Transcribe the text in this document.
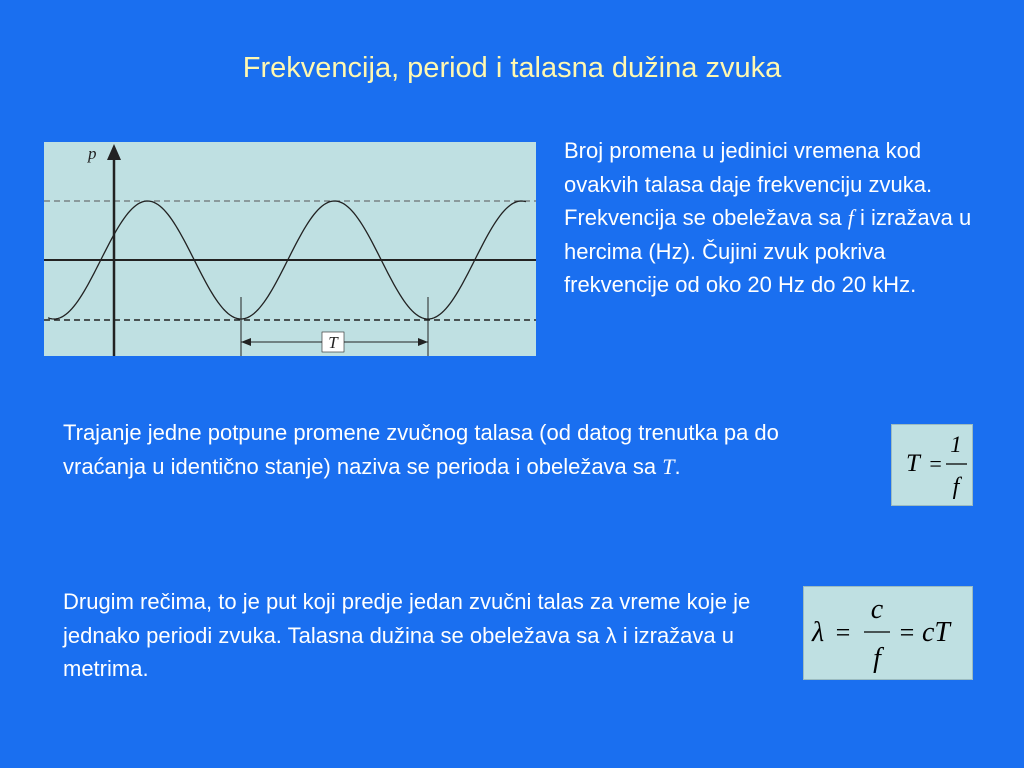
Frekvencija, period i talasna dužina zvuka
p
T
Broj promena u jedinici vremena kod ovakvih talasa daje frekvenciju zvuka. Frekvencija se obeležava sa f i izražava u hercima (Hz). Čujini zvuk pokriva frekvencije od oko 20 Hz do 20 kHz.
Trajanje jedne potpune promene zvučnog talasa (od datog trenutka pa do vraćanja u identično stanje) naziva se perioda i obeležava sa T.
Drugim rečima, to je put koji predje jedan zvučni talas za vreme koje je jednako periodi zvuka. Talasna dužina se obeležava sa λ i izražava u metrima.
T =
1
f
λ =
c
f
= cT
